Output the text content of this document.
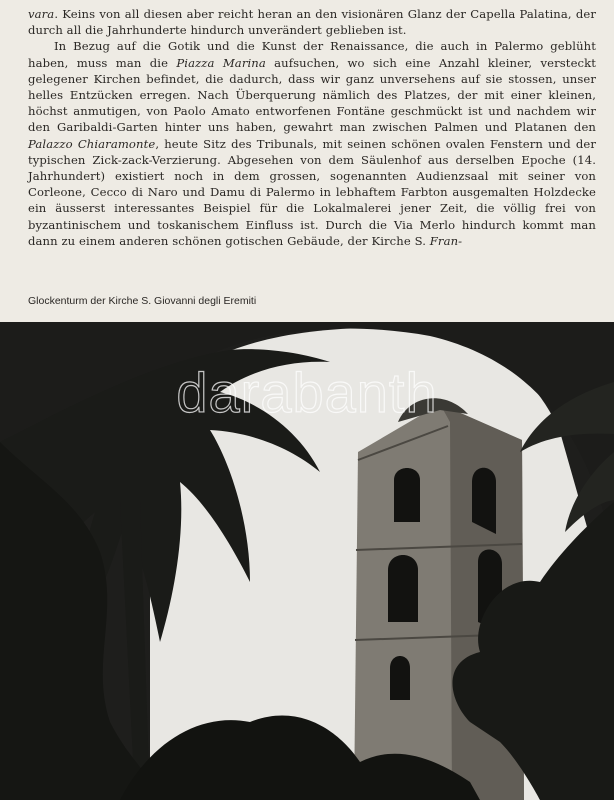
vara. Keins von all diesen aber reicht heran an den visionären Glanz der Capella Palatina, der durch all die Jahrhunderte hindurch unverändert geblieben ist.

In Bezug auf die Gotik und die Kunst der Renaissance, die auch in Palermo geblüht haben, muss man die Piazza Marina aufsuchen, wo sich eine Anzahl kleiner, versteckt gelegener Kirchen befindet, die dadurch, dass wir ganz unversehens auf sie stossen, unser helles Entzücken erregen. Nach Überquerung nämlich des Platzes, der mit einer kleinen, höchst anmutigen, von Paolo Amato entworfenen Fontäne geschmückt ist und nachdem wir den Garibaldi-Garten hinter uns haben, gewahrt man zwischen Palmen und Platanen den Palazzo Chiaramonte, heute Sitz des Tribunals, mit seinen schönen ovalen Fenstern und der typischen Zick-zack-Verzierung. Abgesehen von dem Säulenhof aus derselben Epoche (14. Jahrhundert) existiert noch in dem grossen, sogenannten Audienzsaal mit seiner von Corleone, Cecco di Naro und Damu di Palermo in lebhaftem Farbton ausgemalten Holzdecke ein äusserst interessantes Beispiel für die Lokalmalerei jener Zeit, die völlig frei von byzantinischem und toskanischem Einfluss ist. Durch die Via Merlo hindurch kommt man dann zu einem anderen schönen gotischen Gebäude, der Kirche S. Fran-

Glockenturm der Kirche S. Giovanni degli Eremiti
